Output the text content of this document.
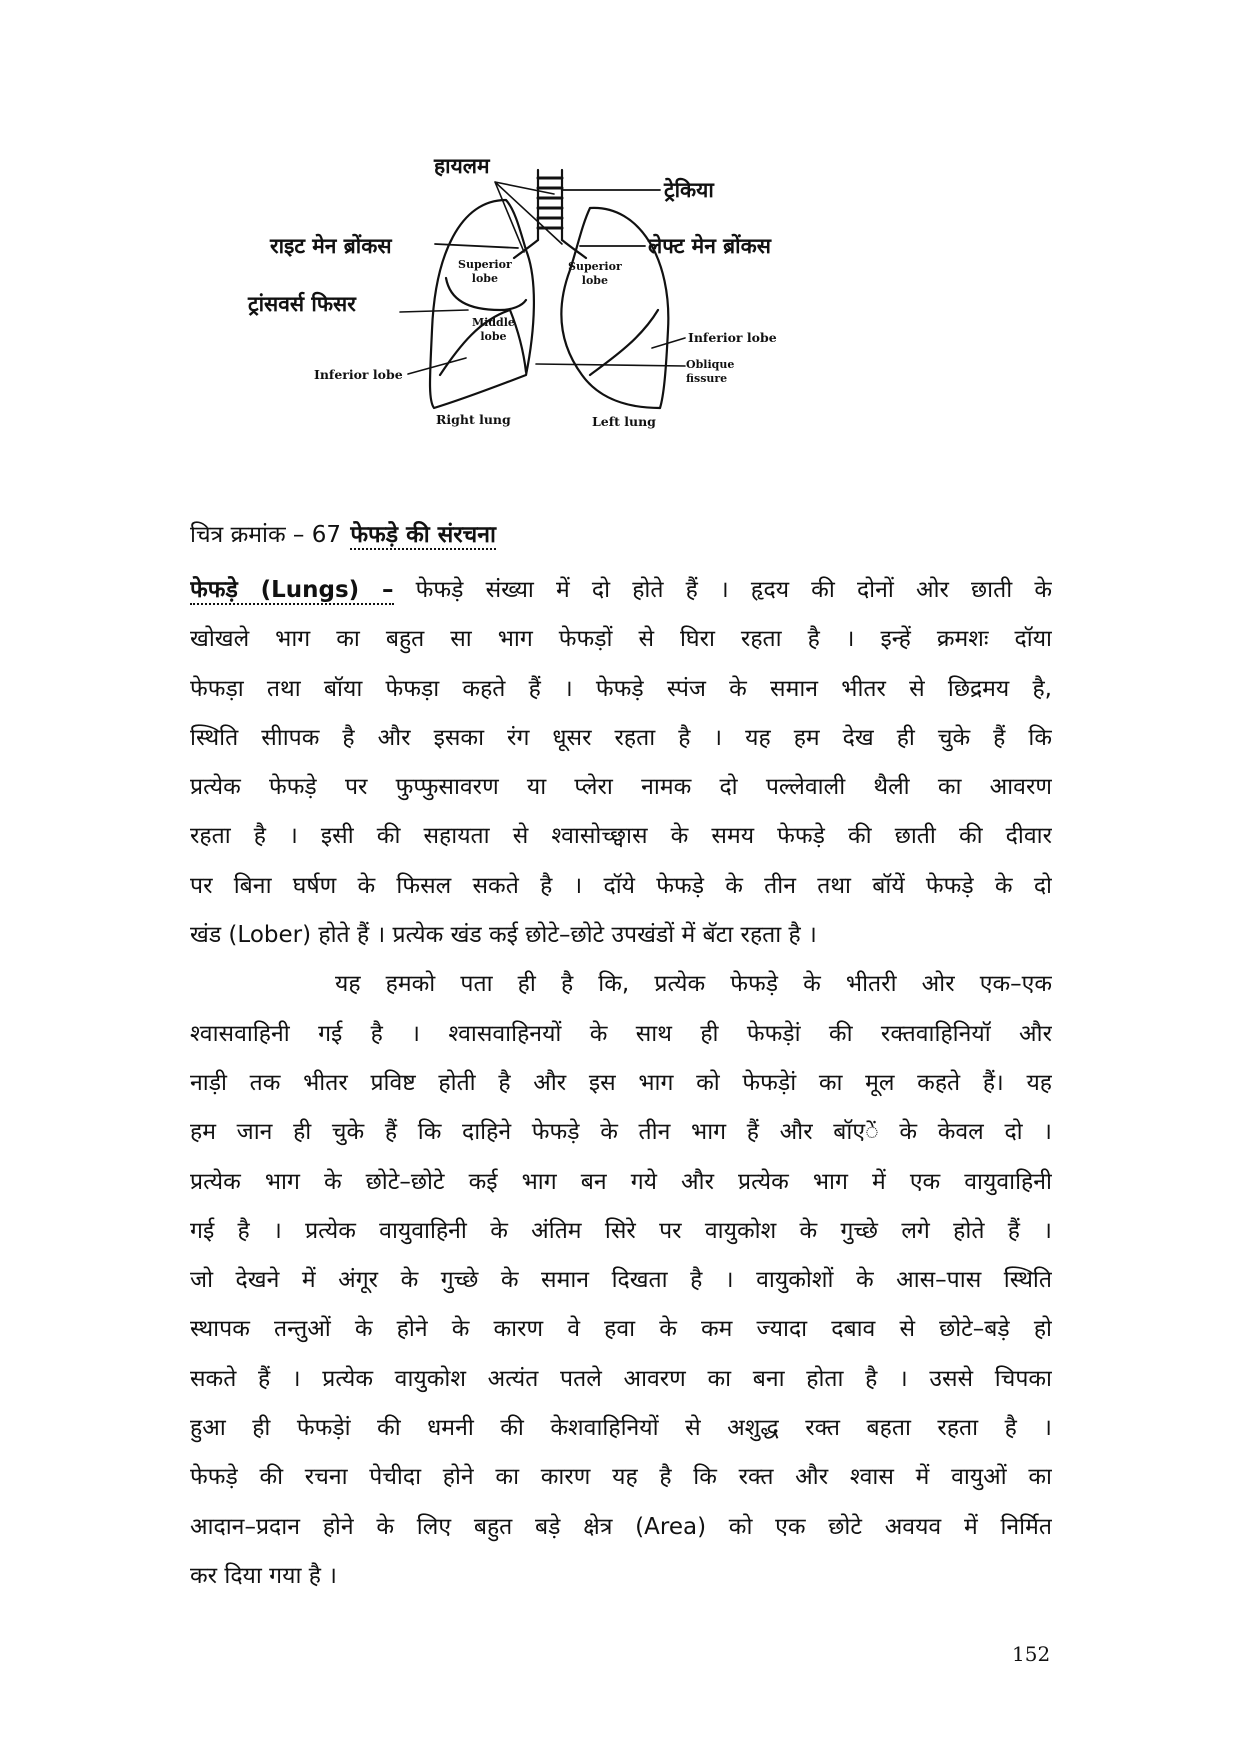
हायलम
ट्रेकिया
राइट मेन ब्रोंकस	लेफ्ट मेन ब्रोंकस
ट्रांसवर्स फिसर
Superior
lobe
Superior
lobe
Middle
lobe	Inferior lobe
Inferior lobe
Oblique
fissure
Right lung	Left lung
चित्र क्रमांक – 67 फेफड़े की संरचना
फेफड़े (Lungs) – फेफड़े संख्या में दो होते हैं । हृदय की दोनों ओर छाती के
खोखले भाग का बहुत सा भाग फेफड़ों से घिरा रहता है । इन्हें क्रमशः दॉया
फेफड़ा तथा बॉया फेफड़ा कहते हैं । फेफड़े स्पंज के समान भीतर से छिद्रमय है,
स्थिति सीापक है और इसका रंग धूसर रहता है । यह हम देख ही चुके हैं कि
प्रत्येक फेफड़े पर फुप्फुसावरण या प्लेरा नामक दो पल्लेवाली थैली का आवरण
रहता है । इसी की सहायता से श्वासोच्छ्वास के समय फेफड़े की छाती की दीवार
पर बिना घर्षण के फिसल सकते है । दॉये फेफड़े के तीन तथा बॉयें फेफड़े के दो
खंड (Lober) होते हैं । प्रत्येक खंड कई छोटे–छोटे उपखंडों में बॅटा रहता है ।
यह हमको पता ही है कि, प्रत्येक फेफड़े के भीतरी ओर एक–एक
श्वासवाहिनी गई है । श्वासवाहिनयों के साथ ही फेफड़ेां की रक्तवाहिनियॉ और
नाड़ी तक भीतर प्रविष्ट होती है और इस भाग को फेफड़ेां का मूल कहते हैं। यह
हम जान ही चुके हैं कि दाहिने फेफड़े के तीन भाग हैं और बॉएें के केवल दो ।
प्रत्येक भाग के छोटे–छोटे कई भाग बन गये और प्रत्येक भाग में एक वायुवाहिनी
गई है । प्रत्येक वायुवाहिनी के अंतिम सिरे पर वायुकोश के गुच्छे लगे होते हैं ।
जो देखने में अंगूर के गुच्छे के समान दिखता है । वायुकोशों के आस–पास स्थिति
स्थापक तन्तुओं के होने के कारण वे हवा के कम ज्यादा दबाव से छोटे–बड़े हो
सकते हैं । प्रत्येक वायुकोश अत्यंत पतले आवरण का बना होता है । उससे चिपका
हुआ ही फेफड़ेां की धमनी की केशवाहिनियों से अशुद्ध रक्त बहता रहता है ।
फेफड़े की रचना पेचीदा होने का कारण यह है कि रक्त और श्वास में वायुओं का
आदान–प्रदान होने के लिए बहुत बड़े क्षेत्र (Area) को एक छोटे अवयव में निर्मित
कर दिया गया है ।
152
